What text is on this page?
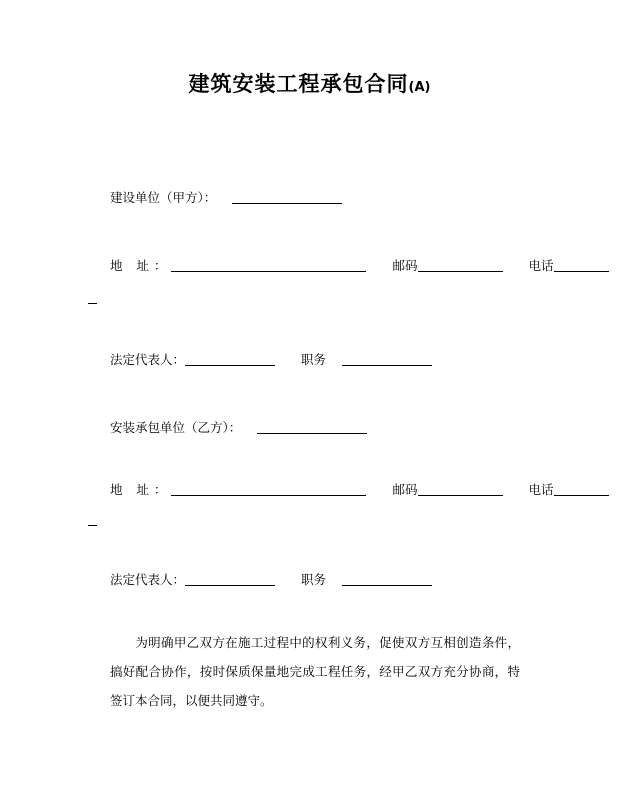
建筑安装工程承包合同(A)
建设单位（甲方）：
地 址：	邮码	电话
法定代表人：	职务
安装承包单位（乙方）：
地 址：	邮码	电话
法定代表人：	职务
为明确甲乙双方在施工过程中的权利义务，促使双方互相创造条件，搞好配合协作，按时保质保量地完成工程任务，经甲乙双方充分协商，特签订本合同，以便共同遵守。
